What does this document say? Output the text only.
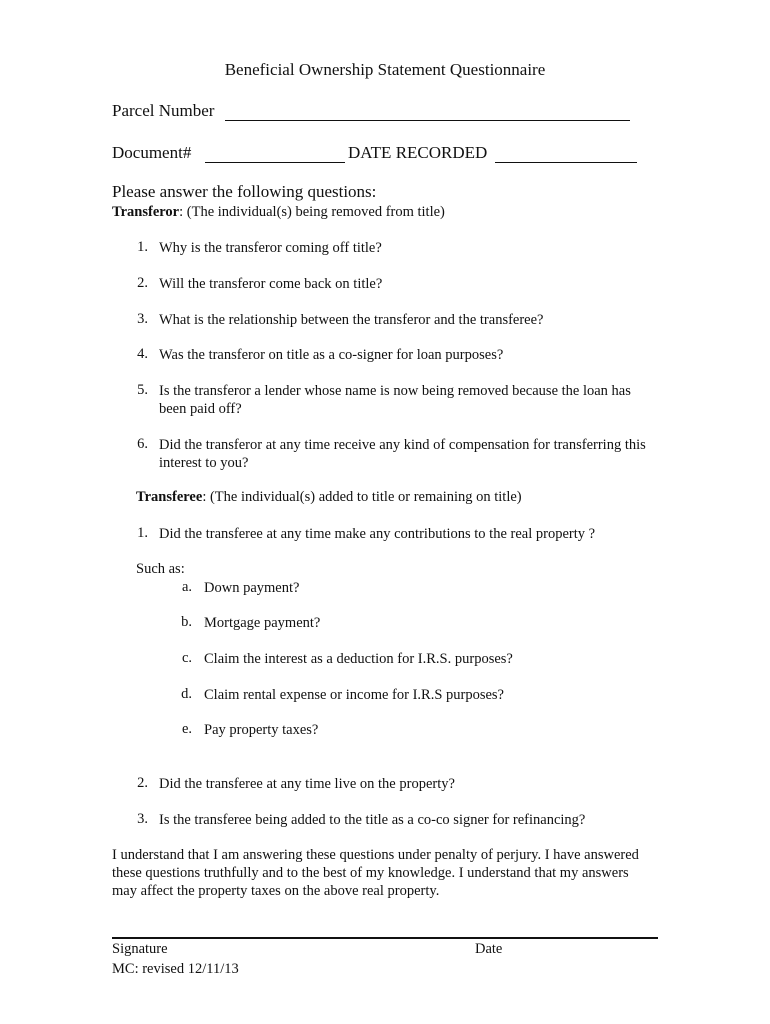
Beneficial Ownership Statement Questionnaire
Parcel Number
Document#	DATE RECORDED
Please answer the following questions:
Transferor: (The individual(s) being removed from title)
1. Why is the transferor coming off title?
2. Will the transferor come back on title?
3. What is the relationship between the transferor and the transferee?
4. Was the transferor on title as a co-signer for loan purposes?
5. Is the transferor a lender whose name is now being removed because the loan has been paid off?
6. Did the transferor at any time receive any kind of compensation for transferring this interest to you?
Transferee: (The individual(s) added to title or remaining on title)
1. Did the transferee at any time make any contributions to the real property ?
Such as:
a. Down payment?
b. Mortgage payment?
c. Claim the interest as a deduction for I.R.S. purposes?
d. Claim rental expense or income for I.R.S purposes?
e. Pay property taxes?
2. Did the transferee at any time live on the property?
3. Is the transferee being added to the title as a co-co signer for refinancing?
I understand that I am answering these questions under penalty of perjury. I have answered these questions truthfully and to the best of my knowledge. I understand that my answers may affect the property taxes on the above real property.
Signature	Date
MC: revised 12/11/13
